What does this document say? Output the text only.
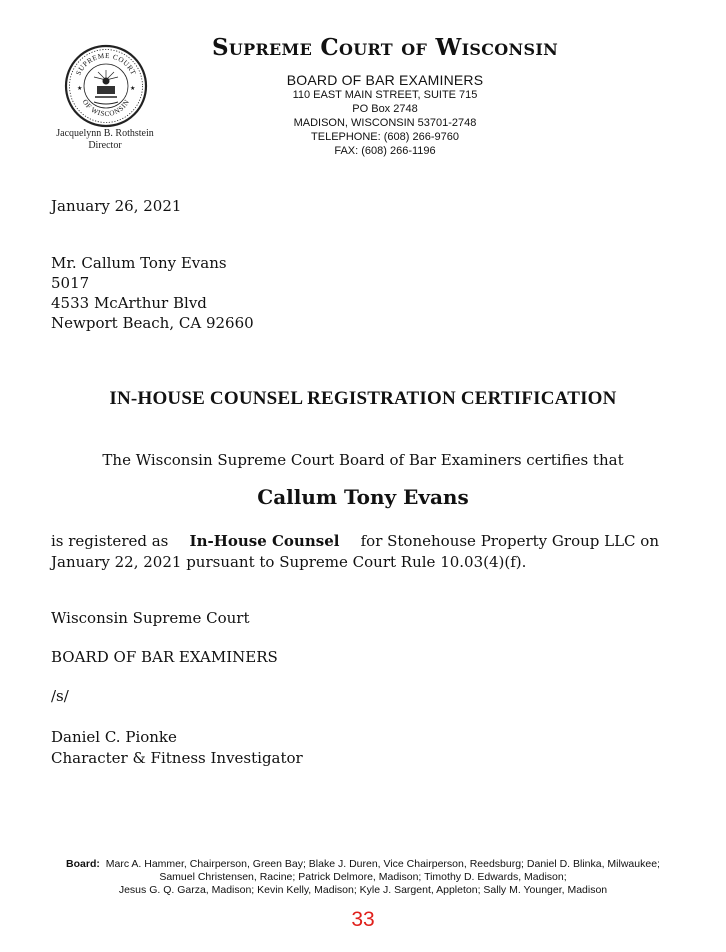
SUPREME COURT
OF WISCONSIN
★	★
Jacquelynn B. Rothstein
Director
Supreme Court of Wisconsin
BOARD OF BAR EXAMINERS
110 EAST MAIN STREET, SUITE 715
PO Box 2748
MADISON, WISCONSIN 53701-2748
TELEPHONE: (608) 266-9760
FAX: (608) 266-1196
January 26, 2021
Mr. Callum Tony Evans
5017
4533 McArthur Blvd
Newport Beach, CA 92660
IN-HOUSE COUNSEL REGISTRATION CERTIFICATION
The Wisconsin Supreme Court Board of Bar Examiners certifies that
Callum Tony Evans
is registered as In-House Counsel for Stonehouse Property Group LLC on
January 22, 2021 pursuant to Supreme Court Rule 10.03(4)(f).
Wisconsin Supreme Court
BOARD OF BAR EXAMINERS
/s/
Daniel C. Pionke
Character & Fitness Investigator
Board: Marc A. Hammer, Chairperson, Green Bay; Blake J. Duren, Vice Chairperson, Reedsburg; Daniel D. Blinka, Milwaukee;
Samuel Christensen, Racine; Patrick Delmore, Madison; Timothy D. Edwards, Madison;
Jesus G. Q. Garza, Madison; Kevin Kelly, Madison; Kyle J. Sargent, Appleton; Sally M. Younger, Madison
33
